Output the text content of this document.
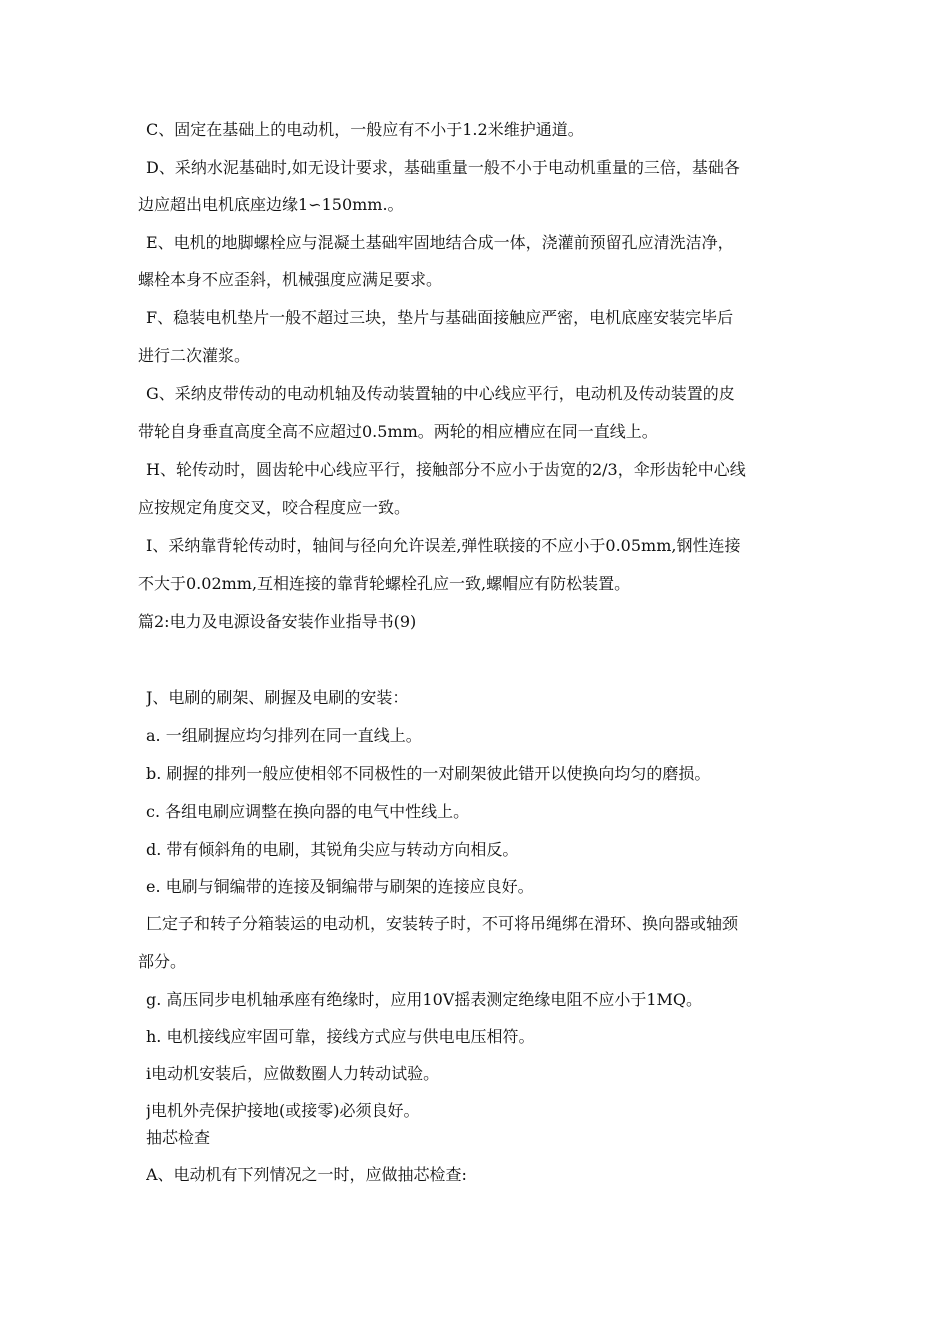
C、固定在基础上的电动机，一般应有不小于1.2米维护通道。
D、采纳水泥基础时,如无设计要求，基础重量一般不小于电动机重量的三倍，基础各
边应超出电机底座边缘1∽150mm.。
E、电机的地脚螺栓应与混凝土基础牢固地结合成一体，浇灌前预留孔应清洗洁净，
螺栓本身不应歪斜，机械强度应满足要求。
F、稳装电机垫片一般不超过三块，垫片与基础面接触应严密，电机底座安装完毕后
进行二次灌浆。
G、采纳皮带传动的电动机轴及传动装置轴的中心线应平行，电动机及传动装置的皮
带轮自身垂直高度全高不应超过0.5mm。两轮的相应槽应在同一直线上。
H、轮传动时，圆齿轮中心线应平行，接触部分不应小于齿宽的2/3，伞形齿轮中心线
应按规定角度交叉，咬合程度应一致。
I、采纳靠背轮传动时，轴间与径向允许误差,弹性联接的不应小于0.05mm,钢性连接
不大于0.02mm,互相连接的靠背轮螺栓孔应一致,螺帽应有防松装置。
篇2:电力及电源设备安装作业指导书(9)
J、电刷的刷架、刷握及电刷的安装：
a. 一组刷握应均匀排列在同一直线上。
b. 刷握的排列一般应使相邻不同极性的一对刷架彼此错开以使换向均匀的磨损。
c. 各组电刷应调整在换向器的电气中性线上。
d. 带有倾斜角的电刷，其锐角尖应与转动方向相反。
e. 电刷与铜编带的连接及铜编带与刷架的连接应良好。
匚定子和转子分箱装运的电动机，安装转子时，不可将吊绳绑在滑环、换向器或轴颈
部分。
g. 高压同步电机轴承座有绝缘时，应用10V摇表测定绝缘电阻不应小于1MQ。
h. 电机接线应牢固可靠，接线方式应与供电电压相符。
i电动机安装后，应做数圈人力转动试验。
j电机外壳保护接地(或接零)必须良好。
抽芯检查
A、电动机有下列情况之一时，应做抽芯检查:
